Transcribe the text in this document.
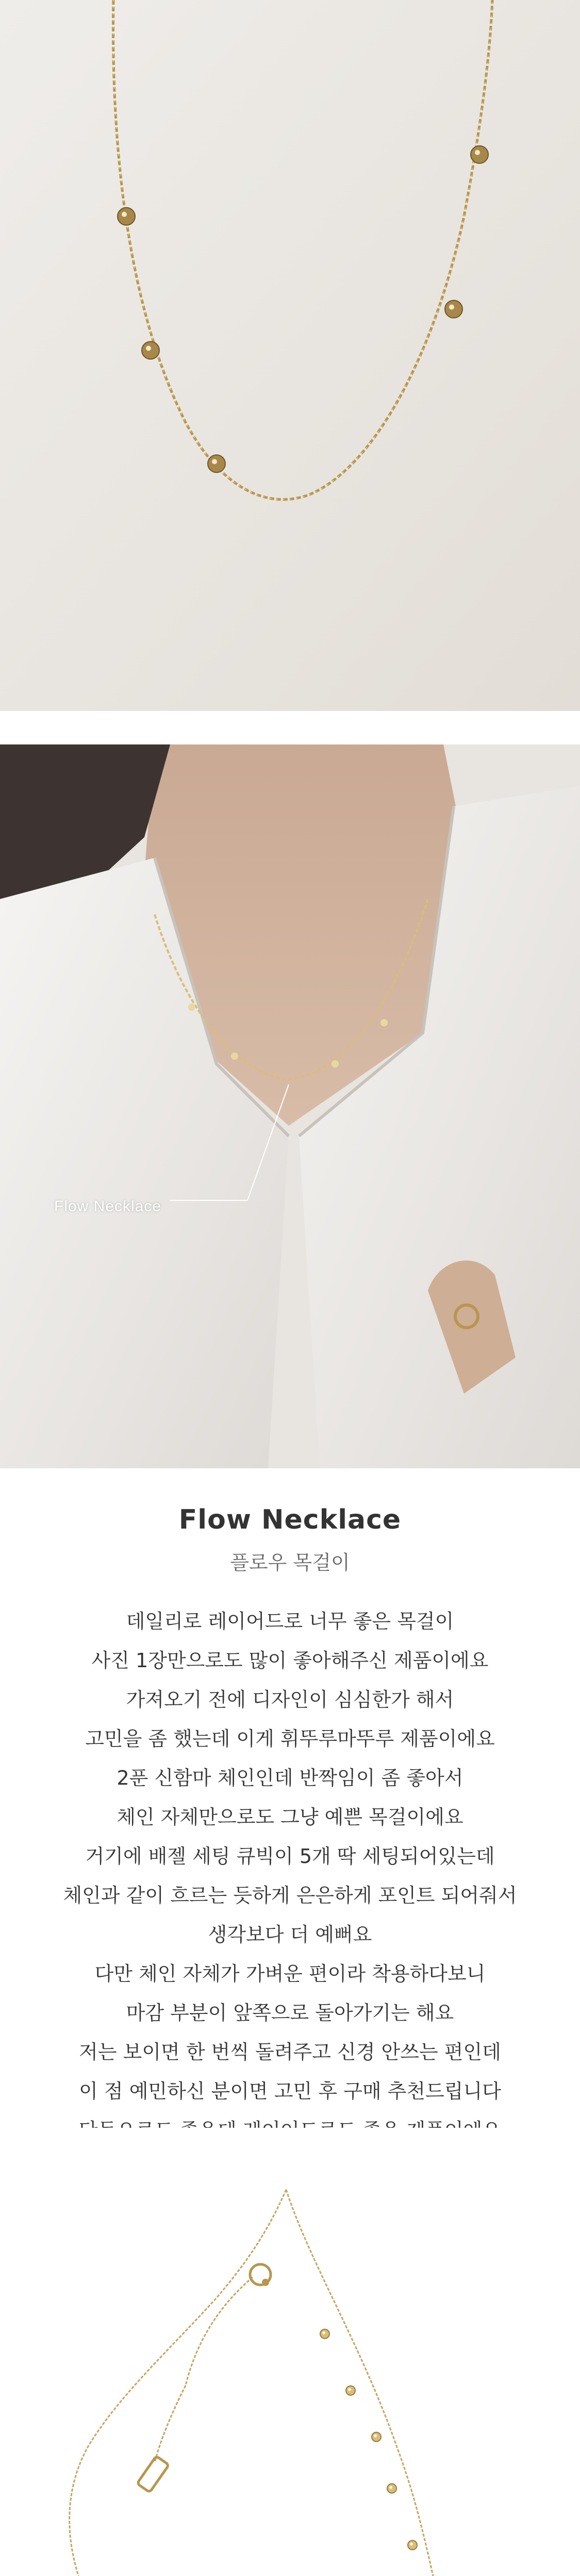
Flow Necklace
Flow Necklace
플로우 목걸이

데일리로 레이어드로 너무 좋은 목걸이

사진 1장만으로도 많이 좋아해주신 제품이에요

가져오기 전에 디자인이 심심한가 해서

고민을 좀 했는데 이게 휘뚜루마뚜루 제품이에요

2푼 신함마 체인인데 반짝임이 좀 좋아서

체인 자체만으로도 그냥 예쁜 목걸이에요

거기에 배젤 세팅 큐빅이 5개 딱 세팅되어있는데

체인과 같이 흐르는 듯하게 은은하게 포인트 되어줘서

생각보다 더 예뻐요

다만 체인 자체가 가벼운 편이라 착용하다보니

마감 부분이 앞쪽으로 돌아가기는 해요

저는 보이면 한 번씩 돌려주고 신경 안쓰는 편인데

이 점 예민하신 분이면 고민 후 구매 추천드립니다
